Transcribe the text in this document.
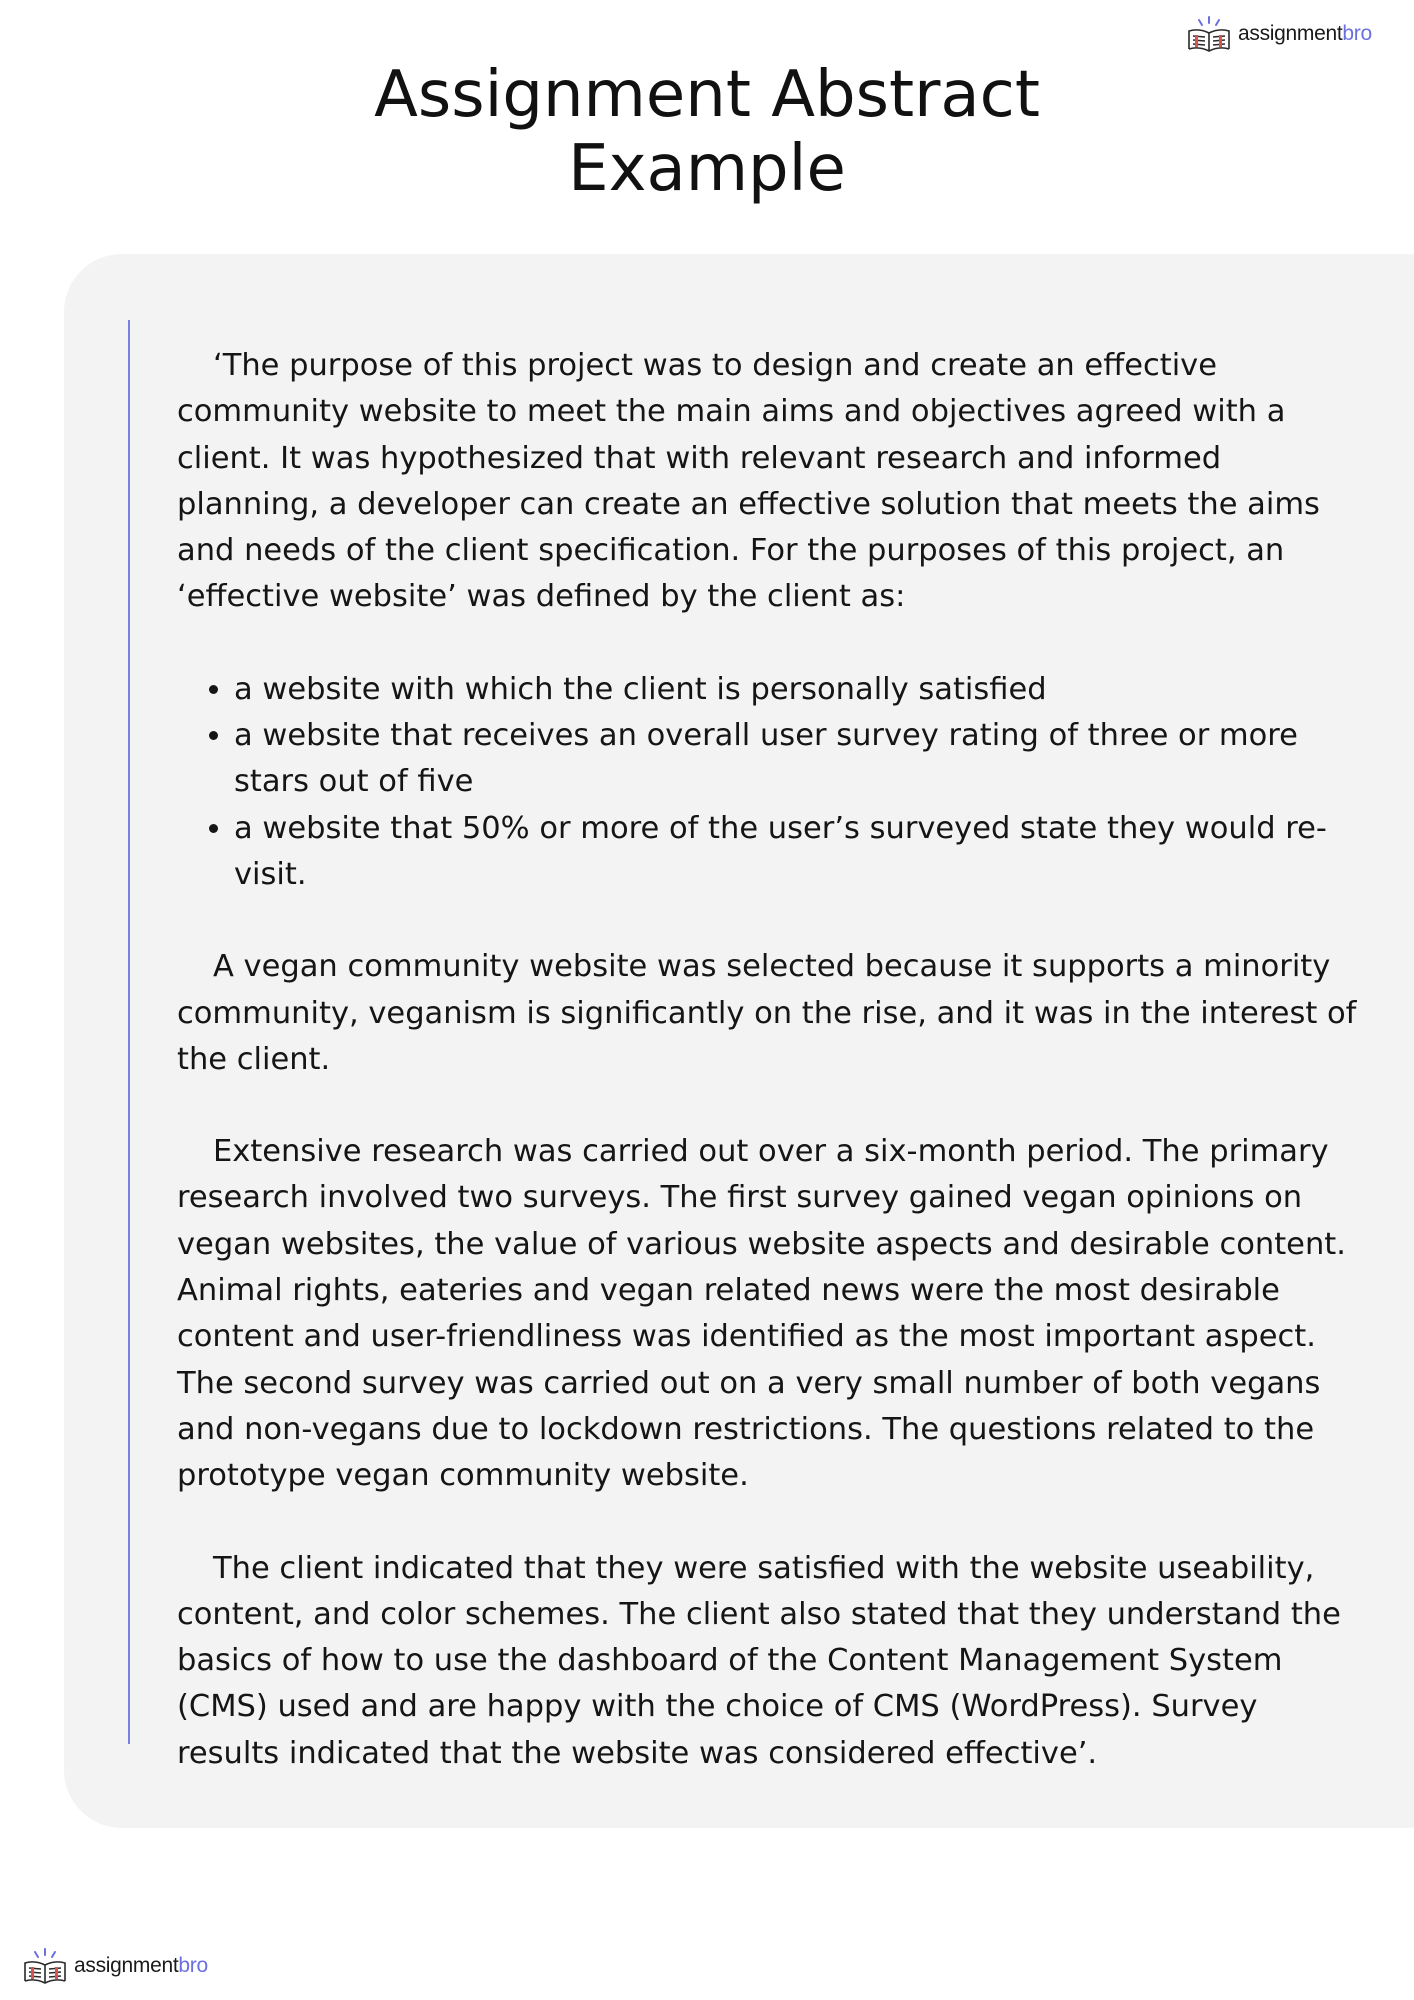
assignmentbro
Assignment Abstract
Example

‘The purpose of this project was to design and create an effective community website to meet the main aims and objectives agreed with a client. It was hypothesized that with relevant research and informed planning, a developer can create an effective solution that meets the aims and needs of the client specification. For the purposes of this project, an ‘effective website’ was defined by the client as:

• a website with which the client is personally satisfied
• a website that receives an overall user survey rating of three or more stars out of five
• a website that 50% or more of the user’s surveyed state they would re-visit.

A vegan community website was selected because it supports a minority community, veganism is significantly on the rise, and it was in the interest of the client.

Extensive research was carried out over a six-month period. The primary research involved two surveys. The first survey gained vegan opinions on vegan websites, the value of various website aspects and desirable content. Animal rights, eateries and vegan related news were the most desirable content and user-friendliness was identified as the most important aspect. The second survey was carried out on a very small number of both vegans and non-vegans due to lockdown restrictions. The questions related to the prototype vegan community website.

The client indicated that they were satisfied with the website useability, content, and color schemes. The client also stated that they understand the basics of how to use the dashboard of the Content Management System (CMS) used and are happy with the choice of CMS (WordPress). Survey results indicated that the website was considered effective’.

assignmentbro
